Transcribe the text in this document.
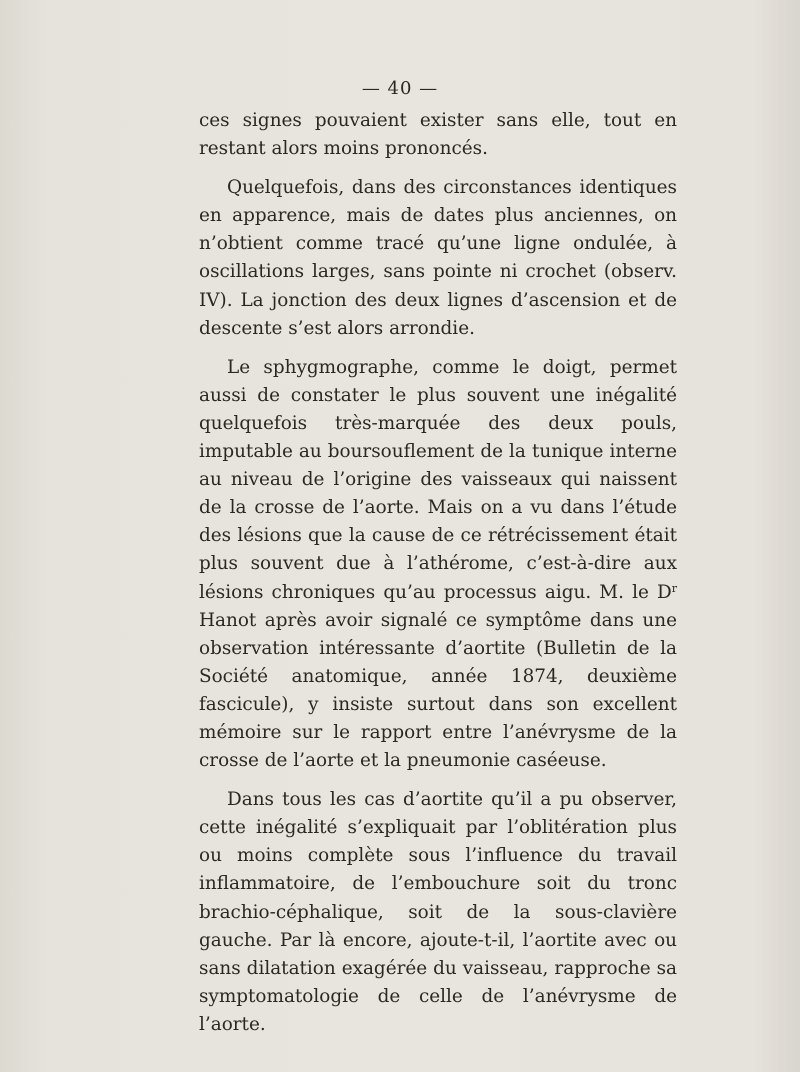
— 40 —

ces signes pouvaient exister sans elle, tout en restant alors moins prononcés.

Quelquefois, dans des circonstances identiques en apparence, mais de dates plus anciennes, on n’obtient comme tracé qu’une ligne ondulée, à oscillations larges, sans pointe ni crochet (observ. IV). La jonction des deux lignes d’ascension et de descente s’est alors arrondie.

Le sphygmographe, comme le doigt, permet aussi de constater le plus souvent une inégalité quelquefois très-marquée des deux pouls, imputable au boursouflement de la tunique interne au niveau de l’origine des vaisseaux qui naissent de la crosse de l’aorte. Mais on a vu dans l’étude des lésions que la cause de ce rétrécissement était plus souvent due à l’athérome, c’est-à-dire aux lésions chroniques qu’au processus aigu. M. le $D^r$ Hanot après avoir signalé ce symptôme dans une observation intéressante d’aortite (Bulletin de la Société anatomique, année 1874, deuxième fascicule), y insiste surtout dans son excellent mémoire sur le rapport entre l’anévrysme de la crosse de l’aorte et la pneumonie caséeuse.

Dans tous les cas d’aortite qu’il a pu observer, cette inégalité s’expliquait par l’oblitération plus ou moins complète sous l’influence du travail inflammatoire, de l’embouchure soit du tronc brachio-céphalique, soit de la sous-clavière gauche. Par là encore, ajoute-t-il, l’aortite avec ou sans dilatation exagérée du vaisseau, rapproche sa symptomatologie de celle de l’anévrysme de l’aorte.
